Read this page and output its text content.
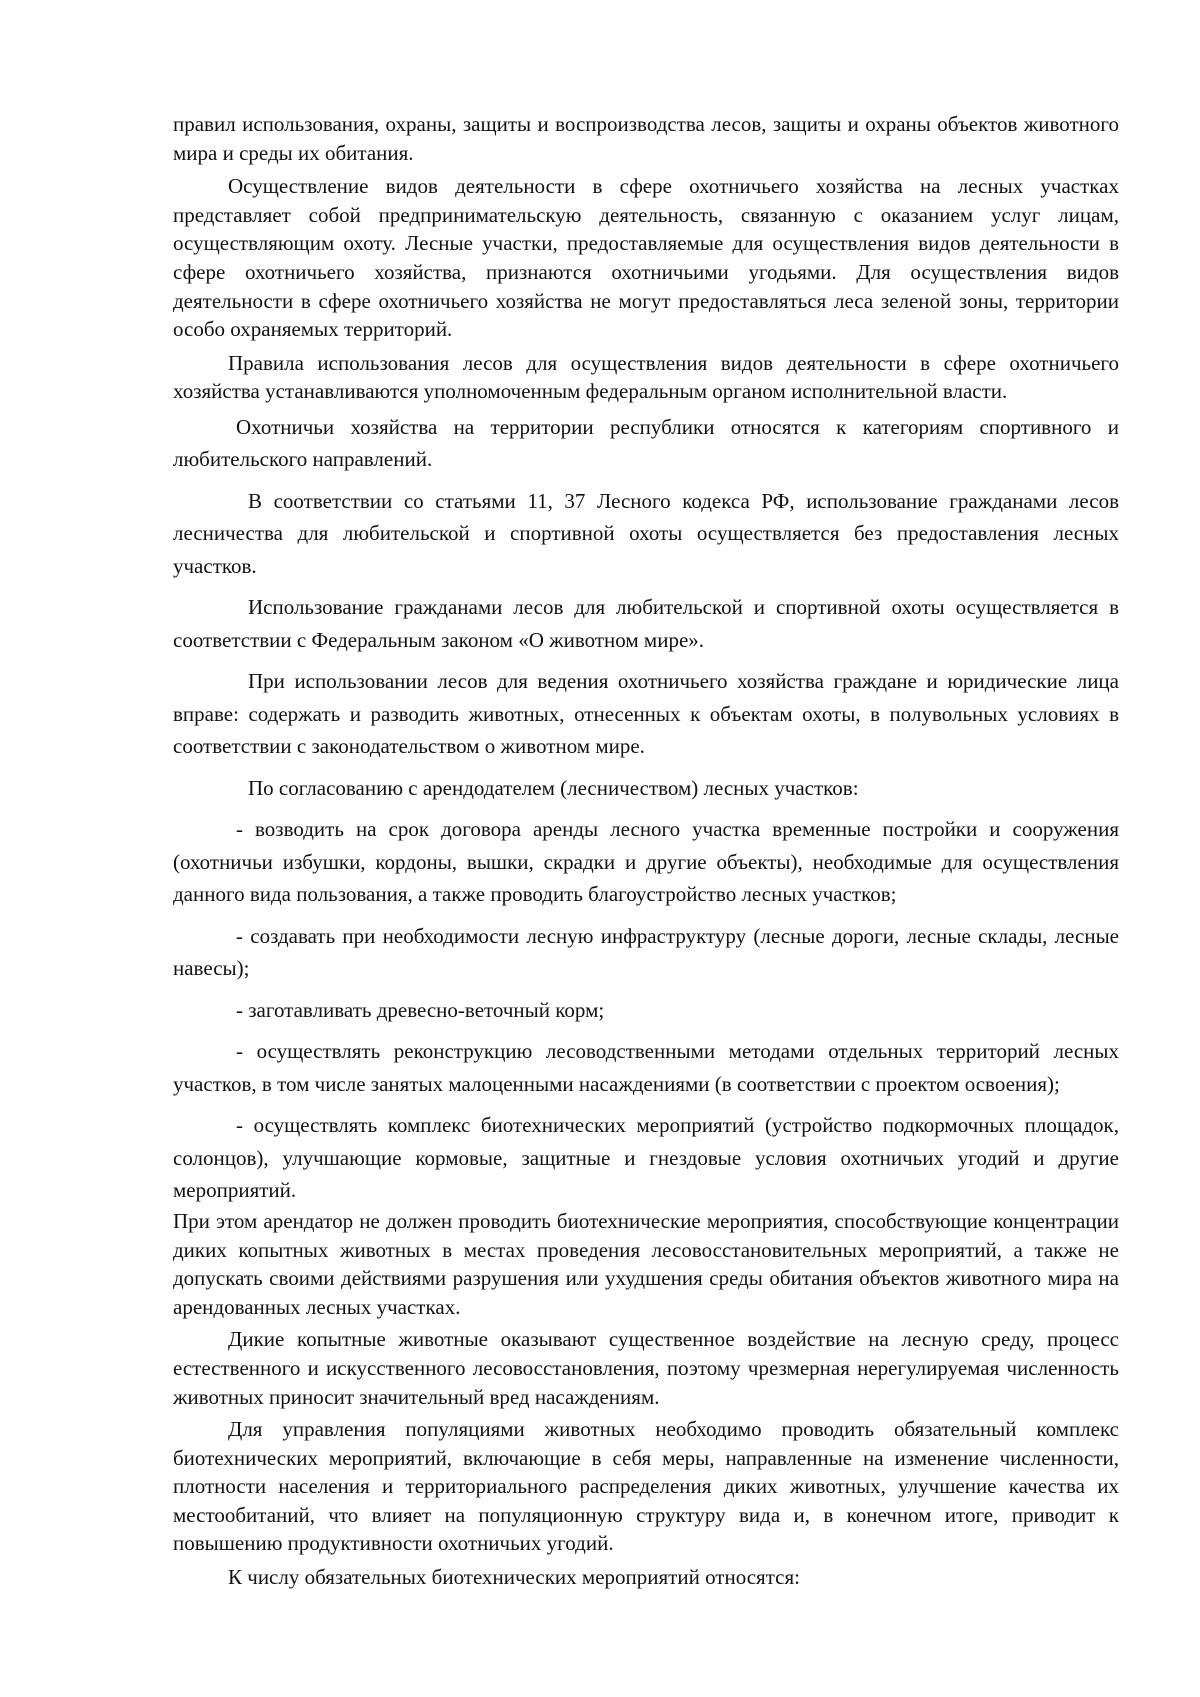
правил использования, охраны, защиты и воспроизводства лесов, защиты и охраны объектов животного мира и среды их обитания.

Осуществление видов деятельности в сфере охотничьего хозяйства на лесных участках представляет собой предпринимательскую деятельность, связанную с оказанием услуг лицам, осуществляющим охоту. Лесные участки, предоставляемые для осуществления видов деятельности в сфере охотничьего хозяйства, признаются охотничьими угодьями. Для осуществления видов деятельности в сфере охотничьего хозяйства не могут предоставляться леса зеленой зоны, территории особо охраняемых территорий.

Правила использования лесов для осуществления видов деятельности в сфере охотничьего хозяйства устанавливаются уполномоченным федеральным органом исполнительной власти.

Охотничьи хозяйства на территории республики относятся к категориям спортивного и любительского направлений.

В соответствии со статьями 11, 37 Лесного кодекса РФ, использование гражданами лесов лесничества для любительской и спортивной охоты осуществляется без предоставления лесных участков.

Использование гражданами лесов для любительской и спортивной охоты осуществляется в соответствии с Федеральным законом «О животном мире».

При использовании лесов для ведения охотничьего хозяйства граждане и юридические лица вправе: содержать и разводить животных, отнесенных к объектам охоты, в полувольных условиях в соответствии с законодательством о животном мире.

По согласованию с арендодателем (лесничеством) лесных участков:

- возводить на срок договора аренды лесного участка временные постройки и сооружения (охотничьи избушки, кордоны, вышки, скрадки и другие объекты), необходимые для осуществления данного вида пользования, а также проводить благоустройство лесных участков;

- создавать при необходимости лесную инфраструктуру (лесные дороги, лесные склады, лесные навесы);

- заготавливать древесно-веточный корм;

- осуществлять реконструкцию лесоводственными методами отдельных территорий лесных участков, в том числе занятых малоценными насаждениями (в соответствии с проектом освоения);

- осуществлять комплекс биотехнических мероприятий (устройство подкормочных площадок, солонцов), улучшающие кормовые, защитные и гнездовые условия охотничьих угодий и другие мероприятий.

При этом арендатор не должен проводить биотехнические мероприятия, способствующие концентрации диких копытных животных в местах проведения лесовосстановительных мероприятий, а также не допускать своими действиями разрушения или ухудшения среды обитания объектов животного мира на арендованных лесных участках.

Дикие копытные животные оказывают существенное воздействие на лесную среду, процесс естественного и искусственного лесовосстановления, поэтому чрезмерная нерегулируемая численность животных приносит значительный вред насаждениям.

Для управления популяциями животных необходимо проводить обязательный комплекс биотехнических мероприятий, включающие в себя меры, направленные на изменение численности, плотности населения и территориального распределения диких животных, улучшение качества их местообитаний, что влияет на популяционную структуру вида и, в конечном итоге, приводит к повышению продуктивности охотничьих угодий.

К числу обязательных биотехнических мероприятий относятся:
